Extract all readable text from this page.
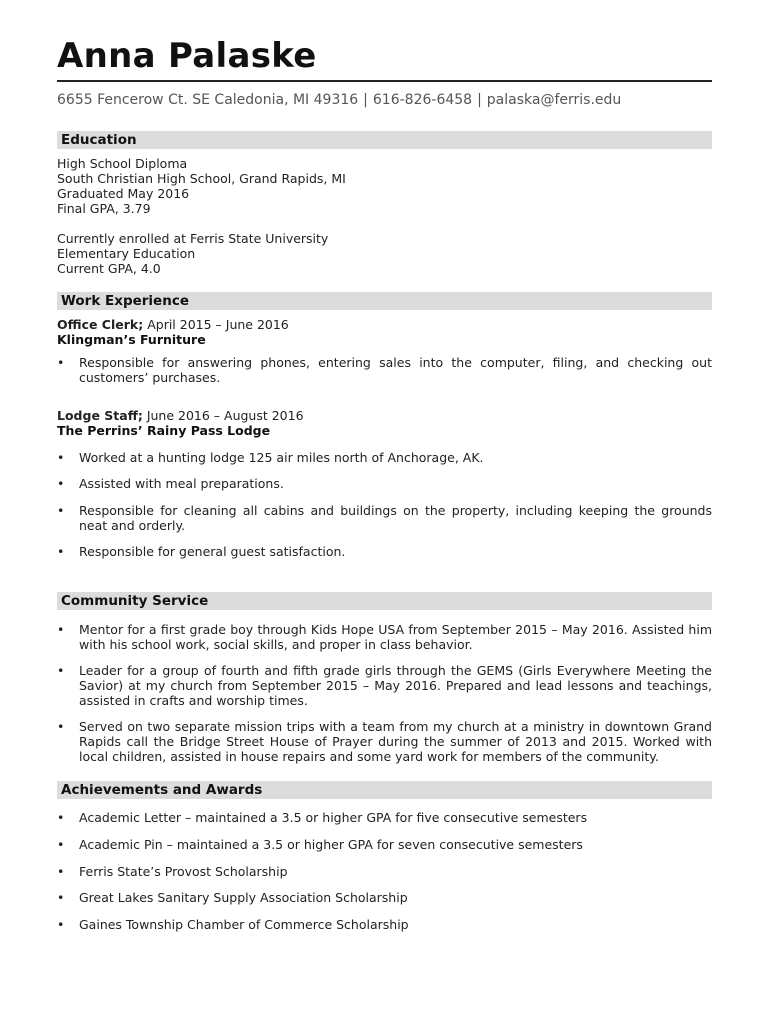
Anna Palaske
6655 Fencerow Ct. SE Caledonia, MI 49316 | 616-826-6458 | palaska@ferris.edu
Education
High School Diploma
South Christian High School, Grand Rapids, MI
Graduated May 2016
Final GPA, 3.79
Currently enrolled at Ferris State University
Elementary Education
Current GPA, 4.0
Work Experience
Office Clerk; April 2015 – June 2016
Klingman’s Furniture
•	Responsible for answering phones, entering sales into the computer, filing, and checking out customers’ purchases.
Lodge Staff; June 2016 – August 2016
The Perrins’ Rainy Pass Lodge
•	Worked at a hunting lodge 125 air miles north of Anchorage, AK.
•	Assisted with meal preparations.
•	Responsible for cleaning all cabins and buildings on the property, including keeping the grounds neat and orderly.
•	Responsible for general guest satisfaction.
Community Service
•	Mentor for a first grade boy through Kids Hope USA from September 2015 – May 2016. Assisted him with his school work, social skills, and proper in class behavior.
•	Leader for a group of fourth and fifth grade girls through the GEMS (Girls Everywhere Meeting the Savior) at my church from September 2015 – May 2016. Prepared and lead lessons and teachings, assisted in crafts and worship times.
•	Served on two separate mission trips with a team from my church at a ministry in downtown Grand Rapids call the Bridge Street House of Prayer during the summer of 2013 and 2015. Worked with local children, assisted in house repairs and some yard work for members of the community.
Achievements and Awards
•	Academic Letter – maintained a 3.5 or higher GPA for five consecutive semesters
•	Academic Pin – maintained a 3.5 or higher GPA for seven consecutive semesters
•	Ferris State’s Provost Scholarship
•	Great Lakes Sanitary Supply Association Scholarship
•	Gaines Township Chamber of Commerce Scholarship
